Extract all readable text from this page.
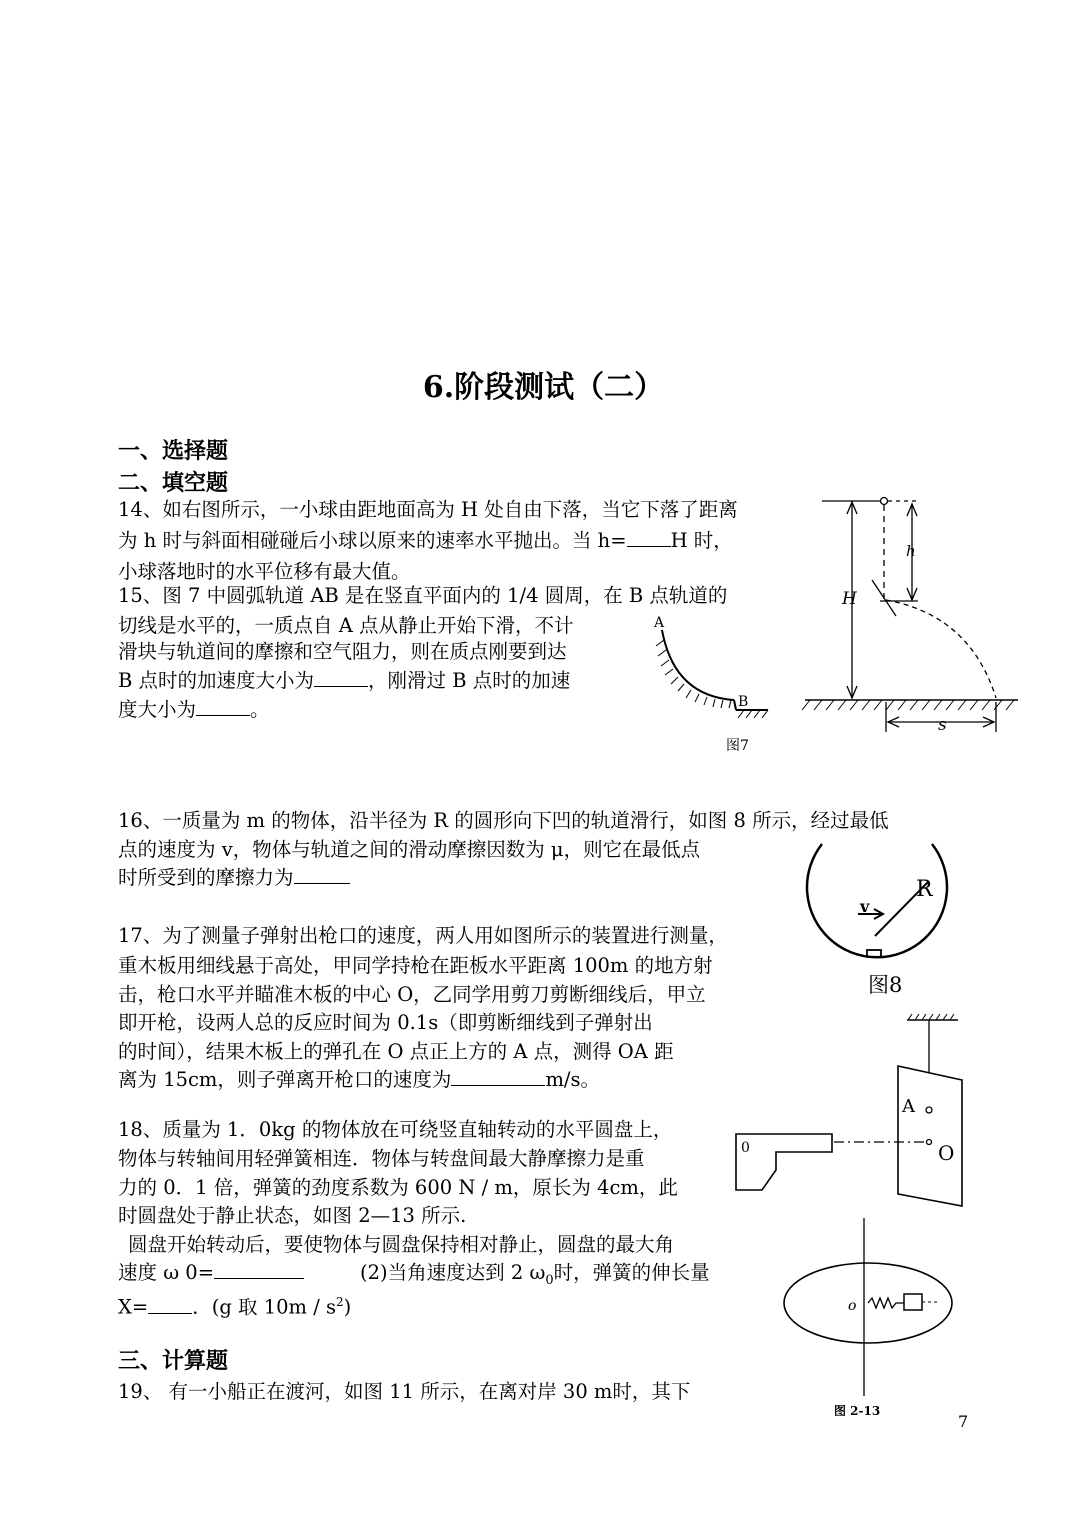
6.阶段测试（二）
一、选择题
二、填空题
14、如右图所示，一小球由距地面高为 H 处自由下落，当它下落了距离
为 h 时与斜面相碰碰后小球以原来的速率水平抛出。当 h= H 时，
小球落地时的水平位移有最大值。
15、图 7 中圆弧轨道 AB 是在竖直平面内的 1/4 圆周，在 B 点轨道的
切线是水平的，一质点自 A 点从静止开始下滑，不计
滑块与轨道间的摩擦和空气阻力，则在质点刚要到达
B 点时的加速度大小为	，刚滑过 B 点时的加速
度大小为	。
16、一质量为 m 的物体，沿半径为 R 的圆形向下凹的轨道滑行，如图 8 所示，经过最低
点的速度为 v，物体与轨道之间的滑动摩擦因数为 μ，则它在最低点
时所受到的摩擦力为
17、为了测量子弹射出枪口的速度，两人用如图所示的装置进行测量，
重木板用细线悬于高处，甲同学持枪在距板水平距离 100m 的地方射
击，枪口水平并瞄准木板的中心 O，乙同学用剪刀剪断细线后，甲立
即开枪，设两人总的反应时间为 0.1s（即剪断细线到子弹射出
的时间），结果木板上的弹孔在 O 点正上方的 A 点，测得 OA 距
离为 15cm，则子弹离开枪口的速度为	m/s。
18、质量为 1．0kg 的物体放在可绕竖直轴转动的水平圆盘上，
物体与转轴间用轻弹簧相连．物体与转盘间最大静摩擦力是重
力的 0．1 倍，弹簧的劲度系数为 600 N / m，原长为 4cm，此
时圆盘处于静止状态，如图 2—13 所示.
圆盘开始转动后，要使物体与圆盘保持相对静止，圆盘的最大角
速度 ω 0=	(2)当角速度达到 2 $\omega_0$时，弹簧的伸长量
X= ．(g 取 $10m / s^2$)
三、计算题
19、 有一小船正在渡河，如图 11 所示，在离对岸 30 m时，其下
7
h
H
s
A
B
图7
R
v
图8
A
O
0
o
图 2-13
